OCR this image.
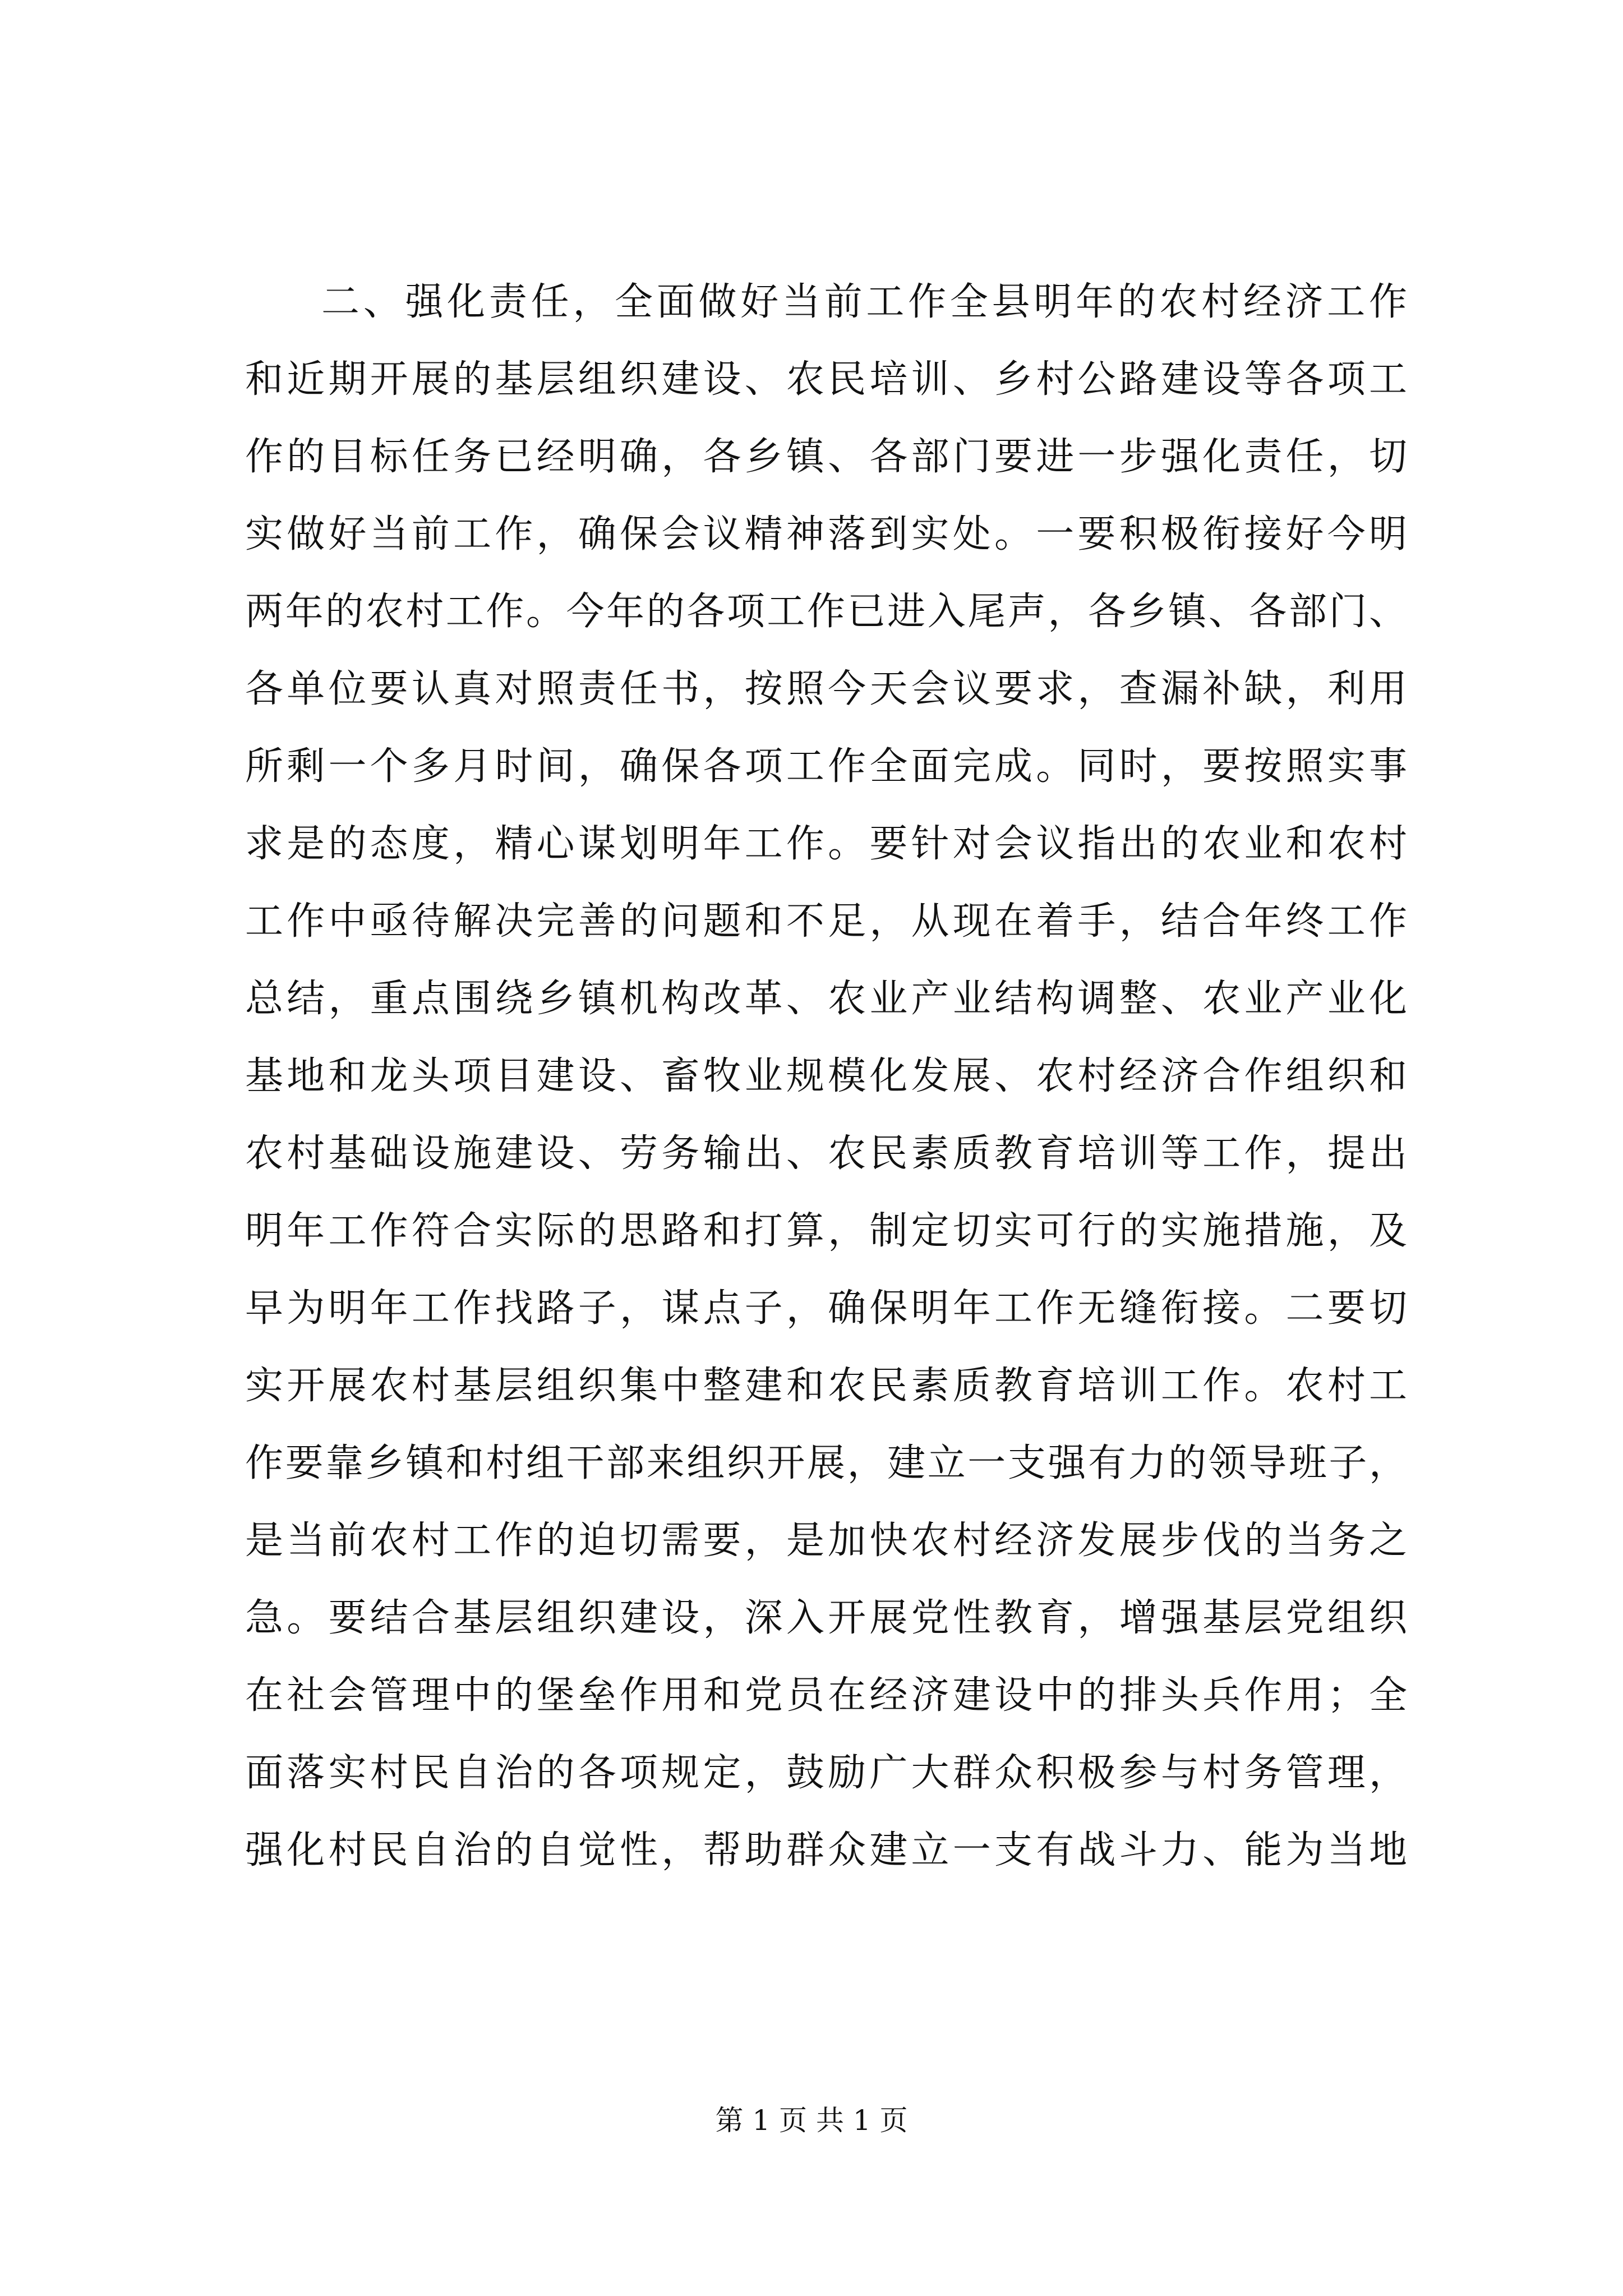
二、强化责任，全面做好当前工作全县明年的农村经济工作
和近期开展的基层组织建设、农民培训、乡村公路建设等各项工
作的目标任务已经明确，各乡镇、各部门要进一步强化责任，切
实做好当前工作，确保会议精神落到实处。一要积极衔接好今明
两年的农村工作。今年的各项工作已进入尾声，各乡镇、各部门、
各单位要认真对照责任书，按照今天会议要求，查漏补缺，利用
所剩一个多月时间，确保各项工作全面完成。同时，要按照实事
求是的态度，精心谋划明年工作。要针对会议指出的农业和农村
工作中亟待解决完善的问题和不足，从现在着手，结合年终工作
总结，重点围绕乡镇机构改革、农业产业结构调整、农业产业化
基地和龙头项目建设、畜牧业规模化发展、农村经济合作组织和
农村基础设施建设、劳务输出、农民素质教育培训等工作，提出
明年工作符合实际的思路和打算，制定切实可行的实施措施，及
早为明年工作找路子，谋点子，确保明年工作无缝衔接。二要切
实开展农村基层组织集中整建和农民素质教育培训工作。农村工
作要靠乡镇和村组干部来组织开展，建立一支强有力的领导班子，
是当前农村工作的迫切需要，是加快农村经济发展步伐的当务之
急。要结合基层组织建设，深入开展党性教育，增强基层党组织
在社会管理中的堡垒作用和党员在经济建设中的排头兵作用；全
面落实村民自治的各项规定，鼓励广大群众积极参与村务管理，
强化村民自治的自觉性，帮助群众建立一支有战斗力、能为当地
第 1 页 共 1 页
